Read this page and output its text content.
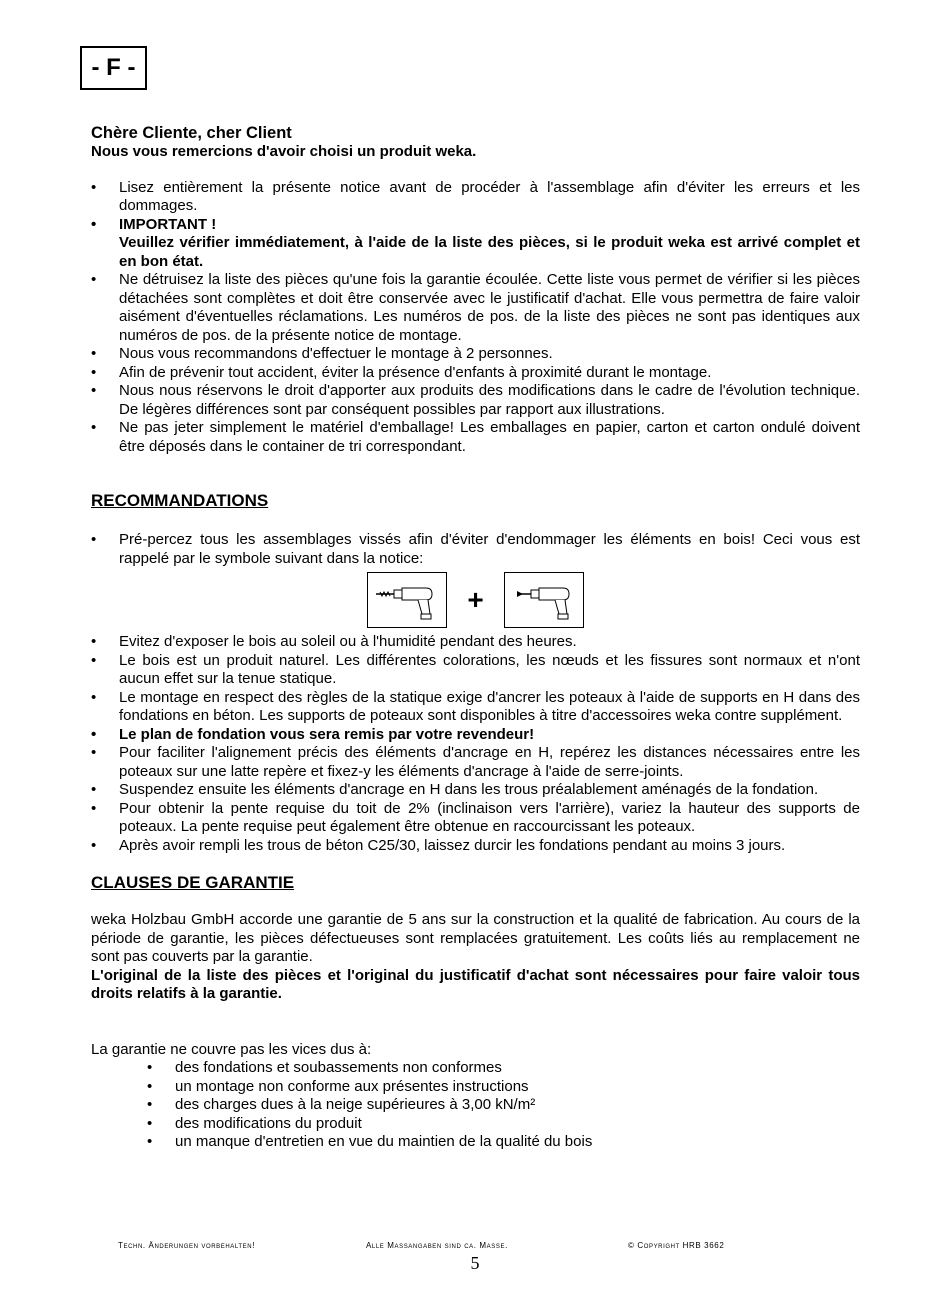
- F -

Chère Cliente, cher Client

Nous vous remercions d'avoir choisi un produit weka.

• Lisez entièrement la présente notice avant de procéder à l'assemblage afin d'éviter les erreurs et les dommages.
• IMPORTANT !

Veuillez vérifier immédiatement, à l'aide de la liste des pièces, si le produit weka est arrivé complet et en bon état.
• Ne détruisez la liste des pièces qu'une fois la garantie écoulée. Cette liste vous permet de vérifier si les pièces détachées sont complètes et doit être conservée avec le justificatif d'achat. Elle vous permettra de faire valoir aisément d'éventuelles réclamations. Les numéros de pos. de la liste des pièces ne sont pas identiques aux numéros de pos. de la présente notice de montage.
• Nous vous recommandons d'effectuer le montage à 2 personnes.
• Afin de prévenir tout accident, éviter la présence d'enfants à proximité durant le montage.
• Nous nous réservons le droit d'apporter aux produits des modifications dans le cadre de l'évolution technique. De légères différences sont par conséquent possibles par rapport aux illustrations.
• Ne pas jeter simplement le matériel d'emballage! Les emballages en papier, carton et carton ondulé doivent être déposés dans le container de tri correspondant.
RECOMMANDATIONS
• Pré-percez tous les assemblages vissés afin d'éviter d'endommager les éléments en bois! Ceci vous est rappelé par le symbole suivant dans la notice:
+
• Evitez d'exposer le bois au soleil ou à l'humidité pendant des heures.
• Le bois est un produit naturel. Les différentes colorations, les nœuds et les fissures sont normaux et n'ont aucun effet sur la tenue statique.
• Le montage en respect des règles de la statique exige d'ancrer les poteaux à l'aide de supports en H dans des fondations en béton. Les supports de poteaux sont disponibles à titre d'accessoires weka contre supplément.
• Le plan de fondation vous sera remis par votre revendeur!
• Pour faciliter l'alignement précis des éléments d'ancrage en H, repérez les distances nécessaires entre les poteaux sur une latte repère et fixez-y les éléments d'ancrage à l'aide de serre-joints.
• Suspendez ensuite les éléments d'ancrage en H dans les trous préalablement aménagés de la fondation.
• Pour obtenir la pente requise du toit de 2% (inclinaison vers l'arrière), variez la hauteur des supports de poteaux. La pente requise peut également être obtenue en raccourcissant les poteaux.
• Après avoir rempli les trous de béton C25/30, laissez durcir les fondations pendant au moins 3 jours.
CLAUSES DE GARANTIE

weka Holzbau GmbH accorde une garantie de 5 ans sur la construction et la qualité de fabrication. Au cours de la période de garantie, les pièces défectueuses sont remplacées gratuitement. Les coûts liés au remplacement ne sont pas couverts par la garantie.

L'original de la liste des pièces et l'original du justificatif d'achat sont nécessaires pour faire valoir tous droits relatifs à la garantie.

La garantie ne couvre pas les vices dus à:

• des fondations et soubassements non conformes
• un montage non conforme aux présentes instructions
• des charges dues à la neige supérieures à 3,00 kN/m²
• des modifications du produit
• un manque d'entretien en vue du maintien de la qualité du bois
Techn. Änderungen vorbehalten!	Alle Massangaben sind ca. Masse.	© Copyright HRB 3662
5
